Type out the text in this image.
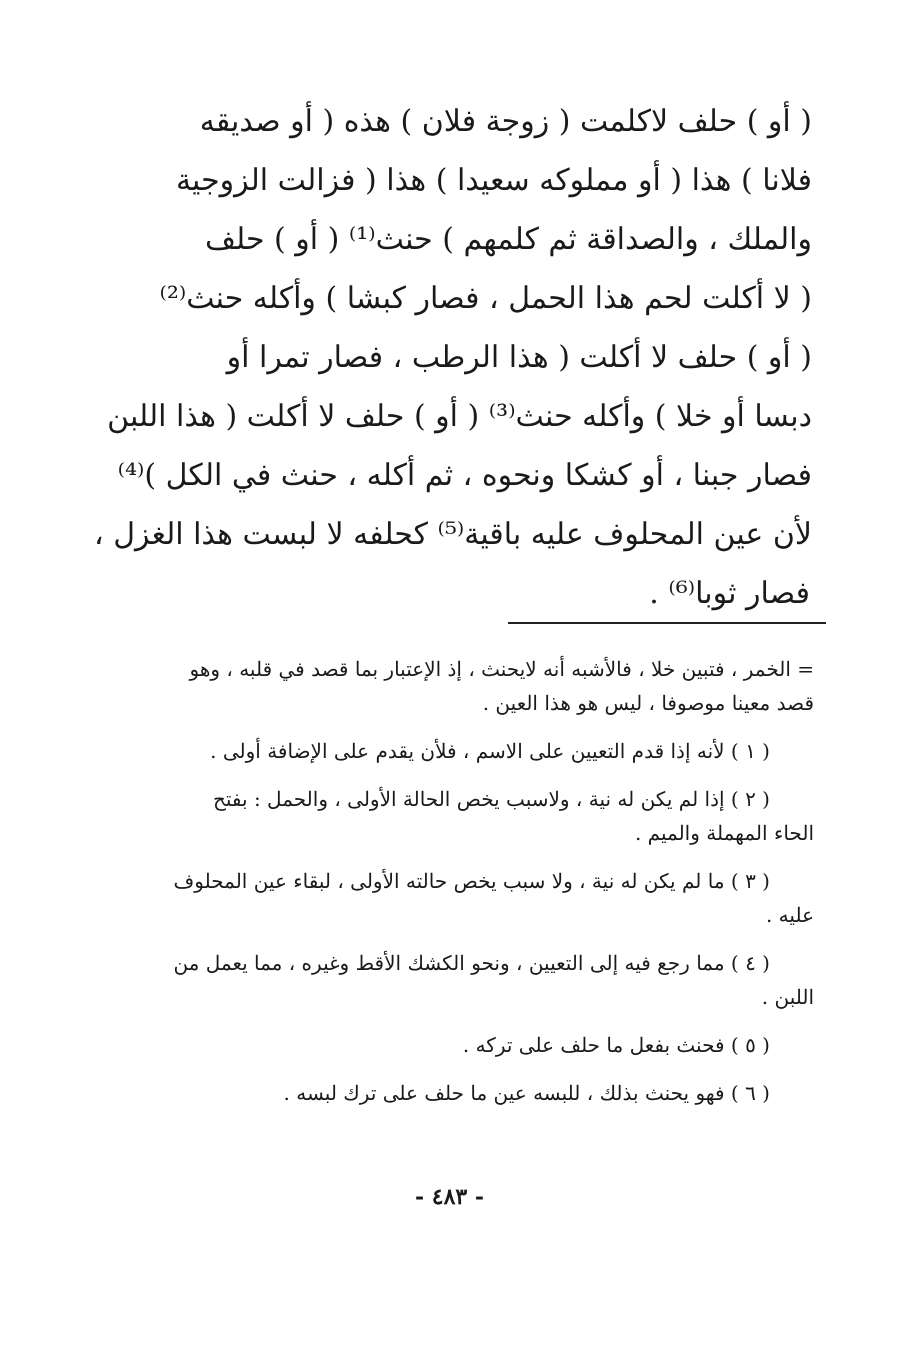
( أو ) حلف لاكلمت ( زوجة فلان ) هذه ( أو صديقه
فلانا ) هذا ( أو مملوكه سعيدا ) هذا ( فزالت الزوجية
والملك ، والصداقة ثم كلمهم ) حنث⁽¹⁾ ( أو ) حلف
( لا أكلت لحم هذا الحمل ، فصار كبشا ) وأكله حنث⁽²⁾
( أو ) حلف لا أكلت ( هذا الرطب ، فصار تمرا أو
دبسا أو خلا ) وأكله حنث⁽³⁾ ( أو ) حلف لا أكلت ( هذا اللبن
فصار جبنا ، أو كشكا ونحوه ، ثم أكله ، حنث في الكل )⁽⁴⁾
لأن عين المحلوف عليه باقية⁽⁵⁾ كحلفه لا لبست هذا الغزل ،
فصار ثوبا⁽⁶⁾ .
= الخمر ، فتبين خلا ، فالأشبه أنه لايحنث ، إذ الإعتبار بما قصد في قلبه ، وهو
قصد معينا موصوفا ، ليس هو هذا العين .
( ١ ) لأنه إذا قدم التعيين على الاسم ، فلأن يقدم على الإضافة أولى .
( ٢ ) إذا لم يكن له نية ، ولاسبب يخص الحالة الأولى ، والحمل : بفتح
الحاء المهملة والميم .
( ٣ ) ما لم يكن له نية ، ولا سبب يخص حالته الأولى ، لبقاء عين المحلوف
عليه .
( ٤ ) مما رجع فيه إلى التعيين ، ونحو الكشك الأقط وغيره ، مما يعمل من
اللبن .
( ٥ ) فحنث بفعل ما حلف على تركه .
( ٦ ) فهو يحنث بذلك ، للبسه عين ما حلف على ترك لبسه .
- ٤٨٣ -
